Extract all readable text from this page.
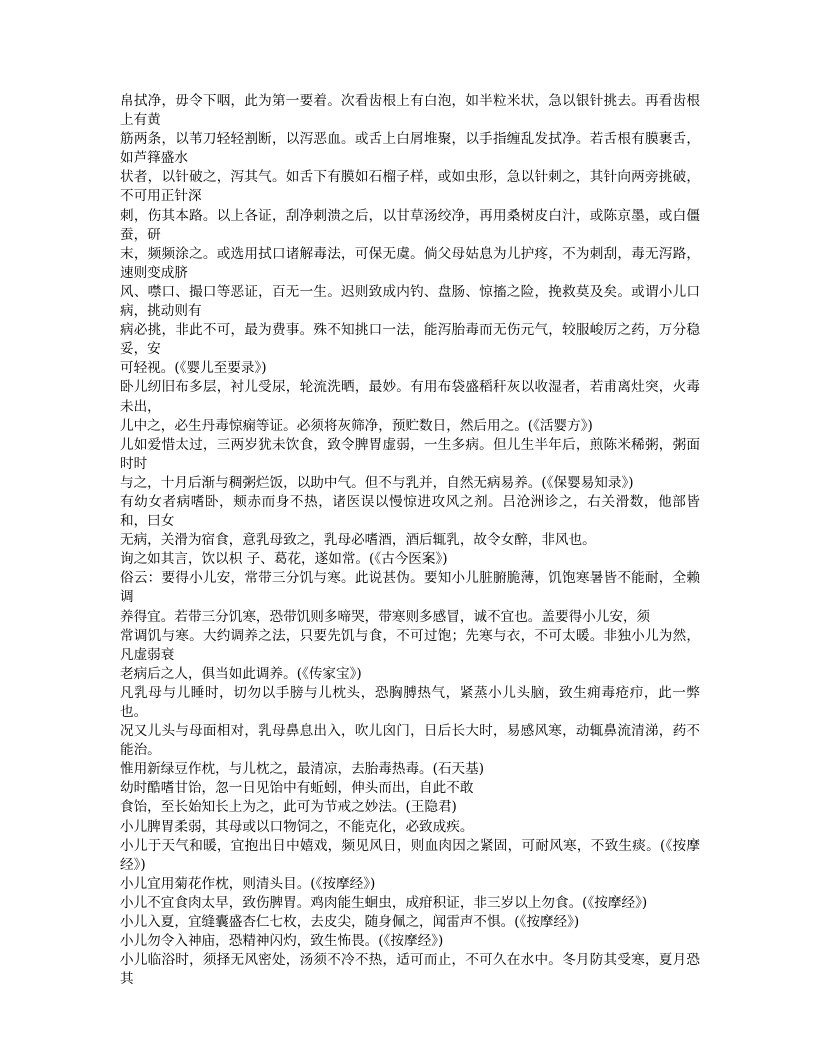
帛拭净，毋令下咽，此为第一要着。次看齿根上有白泡，如半粒米状，急以银针挑去。再看齿根上有黄

筋两条，以苇刀轻轻割断，以泻恶血。或舌上白屑堆聚，以手指缠乱发拭净。若舌根有膜裹舌，如芦箨盛水

状者，以针破之，泻其气。如舌下有膜如石榴子样，或如虫形，急以针刺之，其针向两旁挑破，不可用正针深

刺，伤其本路。以上各证，刮净刺溃之后，以甘草汤绞净，再用桑树皮白汁，或陈京墨，或白僵蚕，研

末，频频涂之。或选用拭口诸解毒法，可保无虞。倘父母姑息为儿护疼，不为刺刮，毒无泻路，速则变成脐

风、噤口、撮口等恶证，百无一生。迟则致成内钓、盘肠、惊搐之险，挽救莫及矣。或谓小儿口病，挑动则有

病必挑，非此不可，最为费事。殊不知挑口一法，能泻胎毒而无伤元气，较服峻厉之药，万分稳妥，安

可轻视。(《婴儿至要录》)

卧儿纫旧布多层，衬儿受尿，轮流洗晒，最妙。有用布袋盛稻秆灰以收湿者，若甫离灶突，火毒未出，

儿中之，必生丹毒惊痫等证。必须将灰筛净，预贮数日，然后用之。(《活婴方》)

儿如爱惜太过，三两岁犹未饮食，致令脾胃虚弱，一生多病。但儿生半年后，煎陈米稀粥，粥面时时

与之，十月后渐与稠粥烂饭，以助中气。但不与乳并，自然无病易养。(《保婴易知录》)

有幼女者病嗜卧，颊赤而身不热，诸医误以慢惊进攻风之剂。吕沧洲诊之，右关滑数，他部皆和，曰女

无病，关滑为宿食，意乳母致之，乳母必嗜酒，酒后辄乳，故令女醉，非风也。

询之如其言，饮以枳 子、葛花，遂如常。(《古今医案》)

俗云：要得小儿安，常带三分饥与寒。此说甚伪。要知小儿脏腑脆薄，饥饱寒暑皆不能耐，全赖调

养得宜。若带三分饥寒，恐带饥则多啼哭，带寒则多感冒，诚不宜也。盖要得小儿安，须

常调饥与寒。大约调养之法，只要先饥与食，不可过饱；先寒与衣，不可太暖。非独小儿为然，凡虚弱衰

老病后之人，俱当如此调养。(《传家宝》)

凡乳母与儿睡时，切勿以手膀与儿枕头，恐胸膊热气，紧蒸小儿头脑，致生痈毒疮疖，此一弊也。

况又儿头与母面相对，乳母鼻息出入，吹儿囟门，日后长大时，易感风寒，动辄鼻流清涕，药不能治。

惟用新绿豆作枕，与儿枕之，最清凉，去胎毒热毒。(石天基)

幼时酷嗜甘饴，忽一日见饴中有蚯蚓，伸头而出，自此不敢

食饴，至长始知长上为之，此可为节戒之妙法。(王隐君)

小儿脾胃柔弱，其母或以口物饲之，不能克化，必致成疾。

小儿于天气和暖，宜抱出日中嬉戏，频见风日，则血肉因之紧固，可耐风寒，不致生痰。(《按摩经》)

小儿宜用菊花作枕，则清头目。(《按摩经》)

小儿不宜食肉太早，致伤脾胃。鸡肉能生蛔虫，成疳积证，非三岁以上勿食。(《按摩经》)

小儿入夏，宜缝囊盛杏仁七枚，去皮尖，随身佩之，闻雷声不惧。(《按摩经》)

小儿勿令入神庙，恐精神闪灼，致生怖畏。(《按摩经》)

小儿临浴时，须择无风密处，汤须不冷不热，适可而止，不可久在水中。冬月防其受寒，夏月恐其
